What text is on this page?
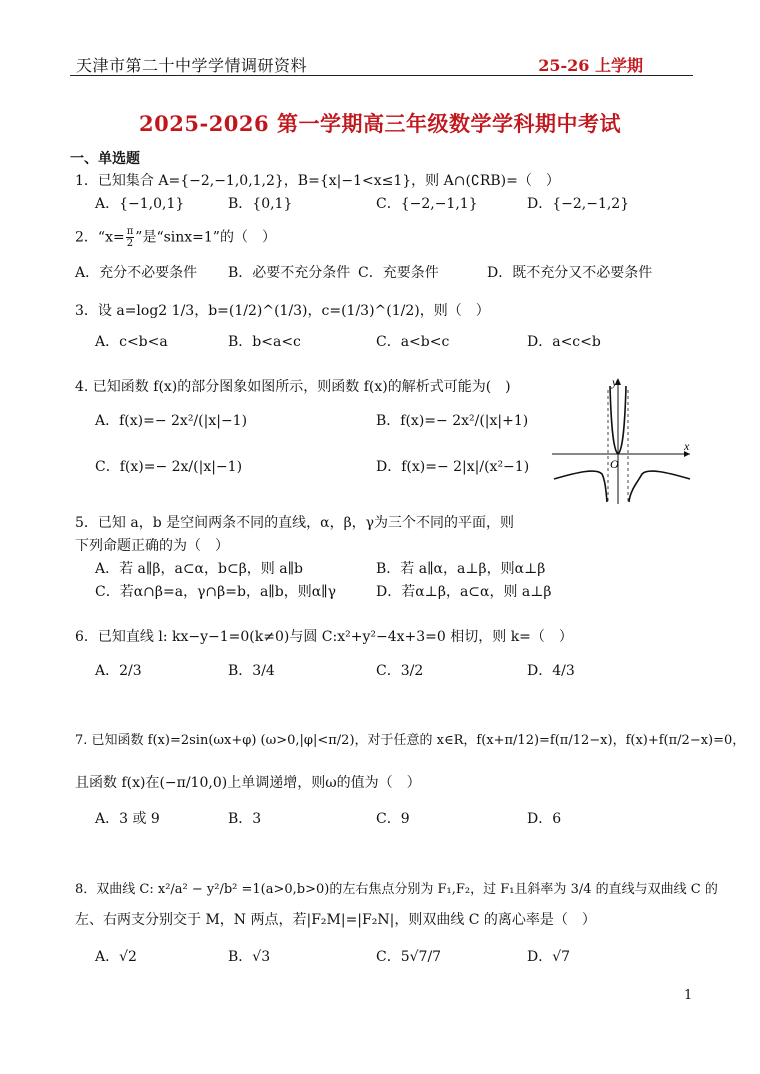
天津市第二十中学学情调研资料	25-26 上学期
2025-2026 第一学期高三年级数学学科期中考试
一、单选题
1．已知集合 A={−2,−1,0,1,2}，B={x|−1<x≤1}，则 A∩(∁RB)=（　）
A．{−1,0,1}	B．{0,1}	C．{−2,−1,1}	D．{−2,−1,2}
2．“$x= \frac{\pi}{2}$ ”是“sinx=1”的（　）
A．充分不必要条件 B．必要不充分条件 C．充要条件	D．既不充分又不必要条件
3．设 a=log2 1/3，b=(1/2)^(1/3)，c=(1/3)^(1/2)，则（　）
A．c<b<a	B．b<a<c	C．a<b<c	D．a<c<b
4. 已知函数 f(x)的部分图象如图所示，则函数 f(x)的解析式可能为(　)
A．f(x)=− 2x²/(|x|−1)	B．f(x)=− 2x²/(|x|+1)
C．f(x)=− 2x/(|x|−1)	D．f(x)=− 2|x|/(x²−1)
y
x
O
5．已知 a，b 是空间两条不同的直线，α，β，γ为三个不同的平面，则
下列命题正确的为（　）
A．若 a∥β，a⊂α，b⊂β，则 a∥b	B．若 a∥α，a⊥β，则α⊥β
C．若α∩β=a，γ∩β=b，a∥b，则α∥γ	D．若α⊥β，a⊂α，则 a⊥β
6．已知直线 l: kx−y−1=0(k≠0)与圆 C:x²+y²−4x+3=0 相切，则 k=（　）
A．2/3	B．3/4	C．3/2	D．4/3
7. 已知函数 f(x)=2sin(ωx+φ) (ω>0,|φ|<π/2)，对于任意的 x∈R，f(x+π/12)=f(π/12−x)，f(x)+f(π/2−x)=0，
且函数 f(x)在(−π/10,0)上单调递增，则ω的值为（　）
A．3 或 9	B．3	C．9	D．6
8．双曲线 C: x²/a² − y²/b² =1(a>0,b>0)的左右焦点分别为 F₁,F₂，过 F₁且斜率为 3/4 的直线与双曲线 C 的
左、右两支分别交于 M，N 两点，若|F₂M|=|F₂N|，则双曲线 C 的离心率是（　）
A．√2	B．√3	C．5√7/7	D．√7
1
